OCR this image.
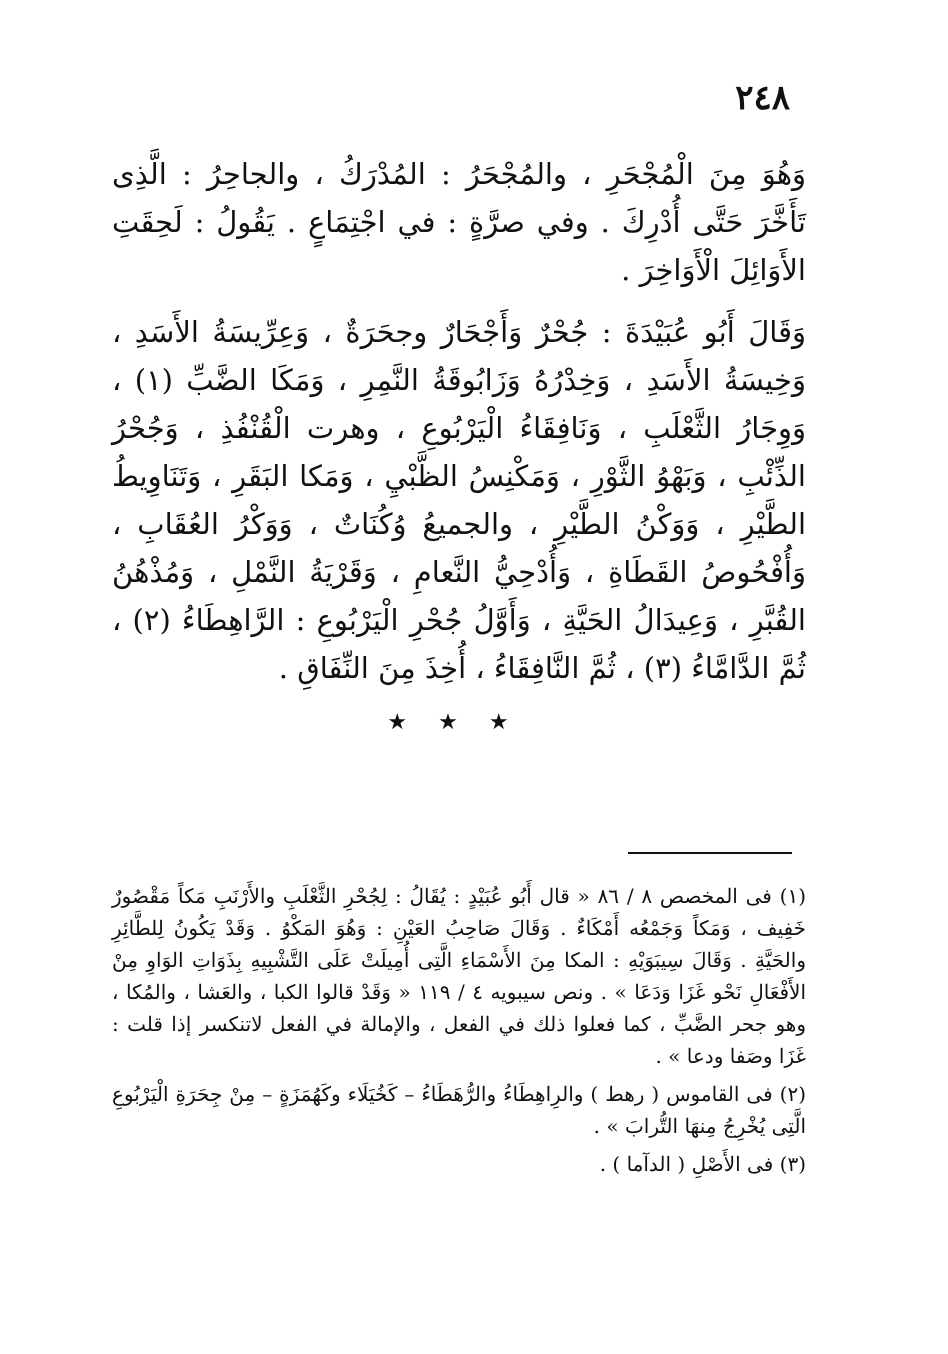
٢٤٨

وَهُوَ مِنَ الْمُجْحَرِ ، والمُجْحَرُ : المُدْرَكُ ، والجاحِرُ : الَّذِى تَأَخَّرَ حَتَّى أُدْرِكَ . وفي صرَّةٍ : في اجْتِمَاعٍ . يَقُولُ : لَحِقَتِ الأَوَائِلَ الْأَوَاخِرَ .

وَقَالَ أَبُو عُبَيْدَةَ : جُحْرٌ وَأَجْحَارٌ وجحَرَةٌ ، وَعِرِّيسَةُ الأَسَدِ ، وَخِيسَةُ الأَسَدِ ، وَخِدْرُهُ وَزَابُوقَةُ النَّمِرِ ، وَمَكَا الضَّبِّ (١) ، وَوِجَارُ الثَّعْلَبِ ، وَنَافِقَاءُ الْيَرْبُوعِ ، وهرت الْقُنْفُذِ ، وَجُحْرُ الذِّئْبِ ، وَبَهْوُ الثَّوْرِ ، وَمَكْنِسُ الظَّبْيِ ، وَمَكا البَقَرِ ، وَتَنَاوِيطُ الطَّيْرِ ، وَوَكْنُ الطَّيْرِ ، والجميعُ وُكُنَاتٌ ، وَوَكْرُ العُقَابِ ، وَأُفْحُوصُ القَطَاةِ ، وَأُدْحِيُّ النَّعامِ ، وَقَرْيَةُ النَّمْلِ ، وَمُذْهُنُ القُبَّرِ ، وَعِيدَالُ الحَيَّةِ ، وَأَوَّلُ جُحْرِ الْيَرْبُوعِ : الرَّاهِطَاءُ (٢) ، ثُمَّ الدَّامَّاءُ (٣) ، ثُمَّ النَّافِقَاءُ ، أُخِذَ مِنَ النِّفَاقِ .

★ ★ ★

(١) فى المخصص ٨ / ٨٦ « قال أَبُو عُبَيْدٍ : يُقَالُ : لِجُحْرِ الثَّعْلَبِ والأَرْنَبِ مَكاً مَقْصُورٌ خَفِيف ، وَمَكاً وَجَمْعُه أَمْكَاءٌ . وَقَالَ صَاحِبُ العَيْنِ : وَهُوَ المَكْوُ . وَقَدْ يَكُونُ لِلطَّائِرِ والحَيَّةِ . وَقَالَ سِيبَوَيْهِ : المكا مِنَ الأَسْمَاءِ الَّتِى أُمِيلَتْ عَلَى التَّشْبِيهِ بِذَوَاتِ الوَاوِ مِنْ الأَفْعَالِ نَحْو غَزَا وَدَعَا » . ونص سيبويه ٤ / ١١٩ « وَقَدْ قالوا الكبا ، والعَشا ، والمُكا ، وهو جحر الضَّبِّ ، كما فعلوا ذلك في الفعل ، والإمالة في الفعل لاتنكسر إذا قلت : غَزَا وصَفا ودعا » .

(٢) فى القاموس ( رهط ) والرِاهِطَاءُ والرُّهَطَاءُ – كَخُيَلَاء وكَهُمَزَةٍ – مِنْ جِحَرَةِ الْيَرْبُوعِ الَّتِى يُخْرِجُ مِنهَا التُّرابَ » .

(٣) فى الأَصْلِ ( الدآما ) .
